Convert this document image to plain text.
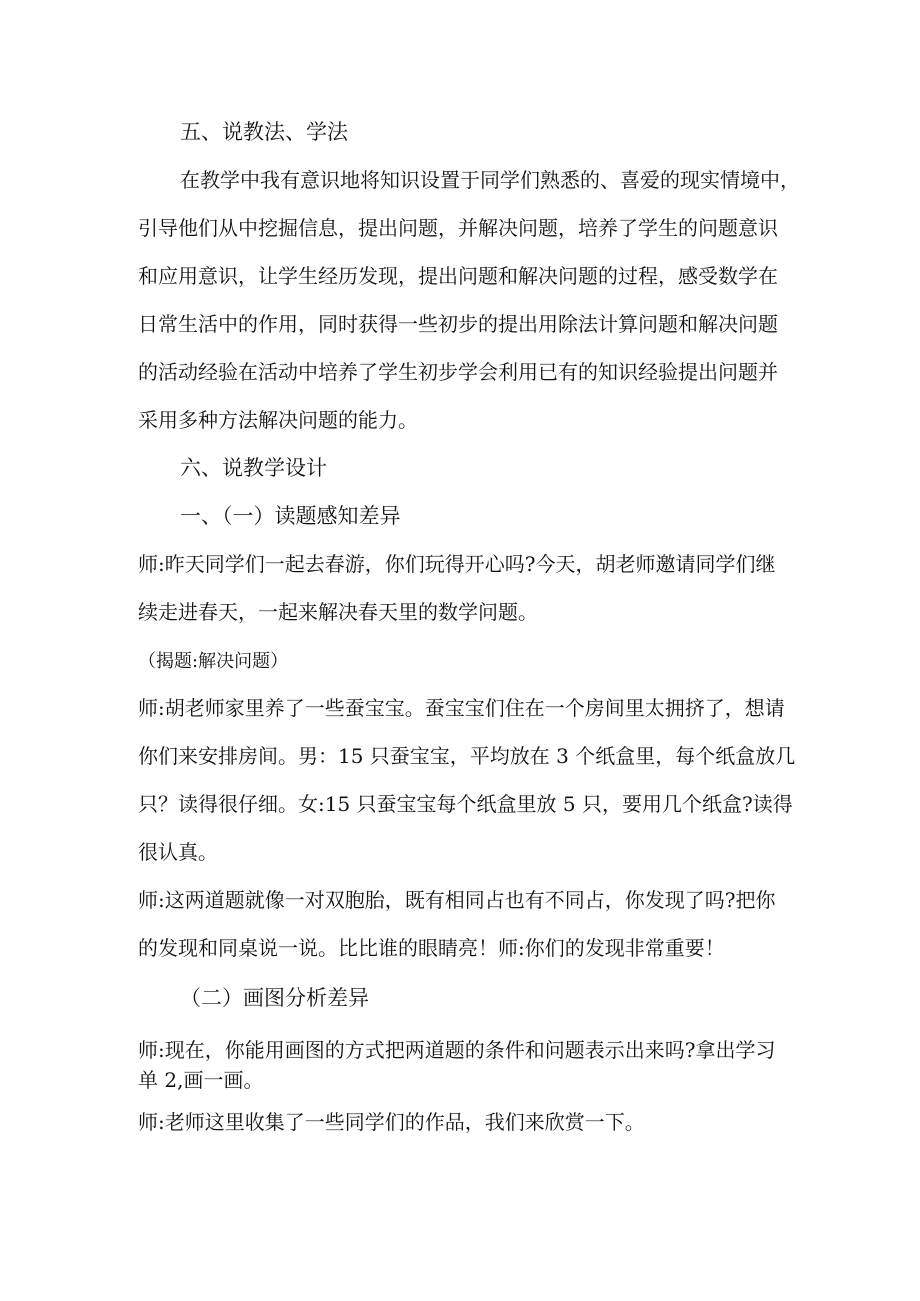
五、说教法、学法
在教学中我有意识地将知识设置于同学们熟悉的、喜爱的现实情境中，
引导他们从中挖掘信息，提出问题，并解决问题，培养了学生的问题意识
和应用意识，让学生经历发现，提出问题和解决问题的过程，感受数学在
日常生活中的作用，同时获得一些初步的提出用除法计算问题和解决问题
的活动经验在活动中培养了学生初步学会利用已有的知识经验提出问题并
采用多种方法解决问题的能力。
六、说教学设计
一、（一）读题感知差异
师:昨天同学们一起去春游，你们玩得开心吗?今天，胡老师邀请同学们继
续走进春天，一起来解决春天里的数学问题。
（揭题:解决问题）
师:胡老师家里养了一些蚕宝宝。蚕宝宝们住在一个房间里太拥挤了，想请
你们来安排房间。男：15 只蚕宝宝，平均放在 3 个纸盒里，每个纸盒放几
只？读得很仔细。女:15 只蚕宝宝每个纸盒里放 5 只，要用几个纸盒?读得
很认真。
师:这两道题就像一对双胞胎，既有相同占也有不同占，你发现了吗?把你
的发现和同桌说一说。比比谁的眼睛亮！师:你们的发现非常重要！
（二）画图分析差异
师:现在，你能用画图的方式把两道题的条件和问题表示出来吗?拿出学习
单 2,画一画。
师:老师这里收集了一些同学们的作品，我们来欣赏一下。
